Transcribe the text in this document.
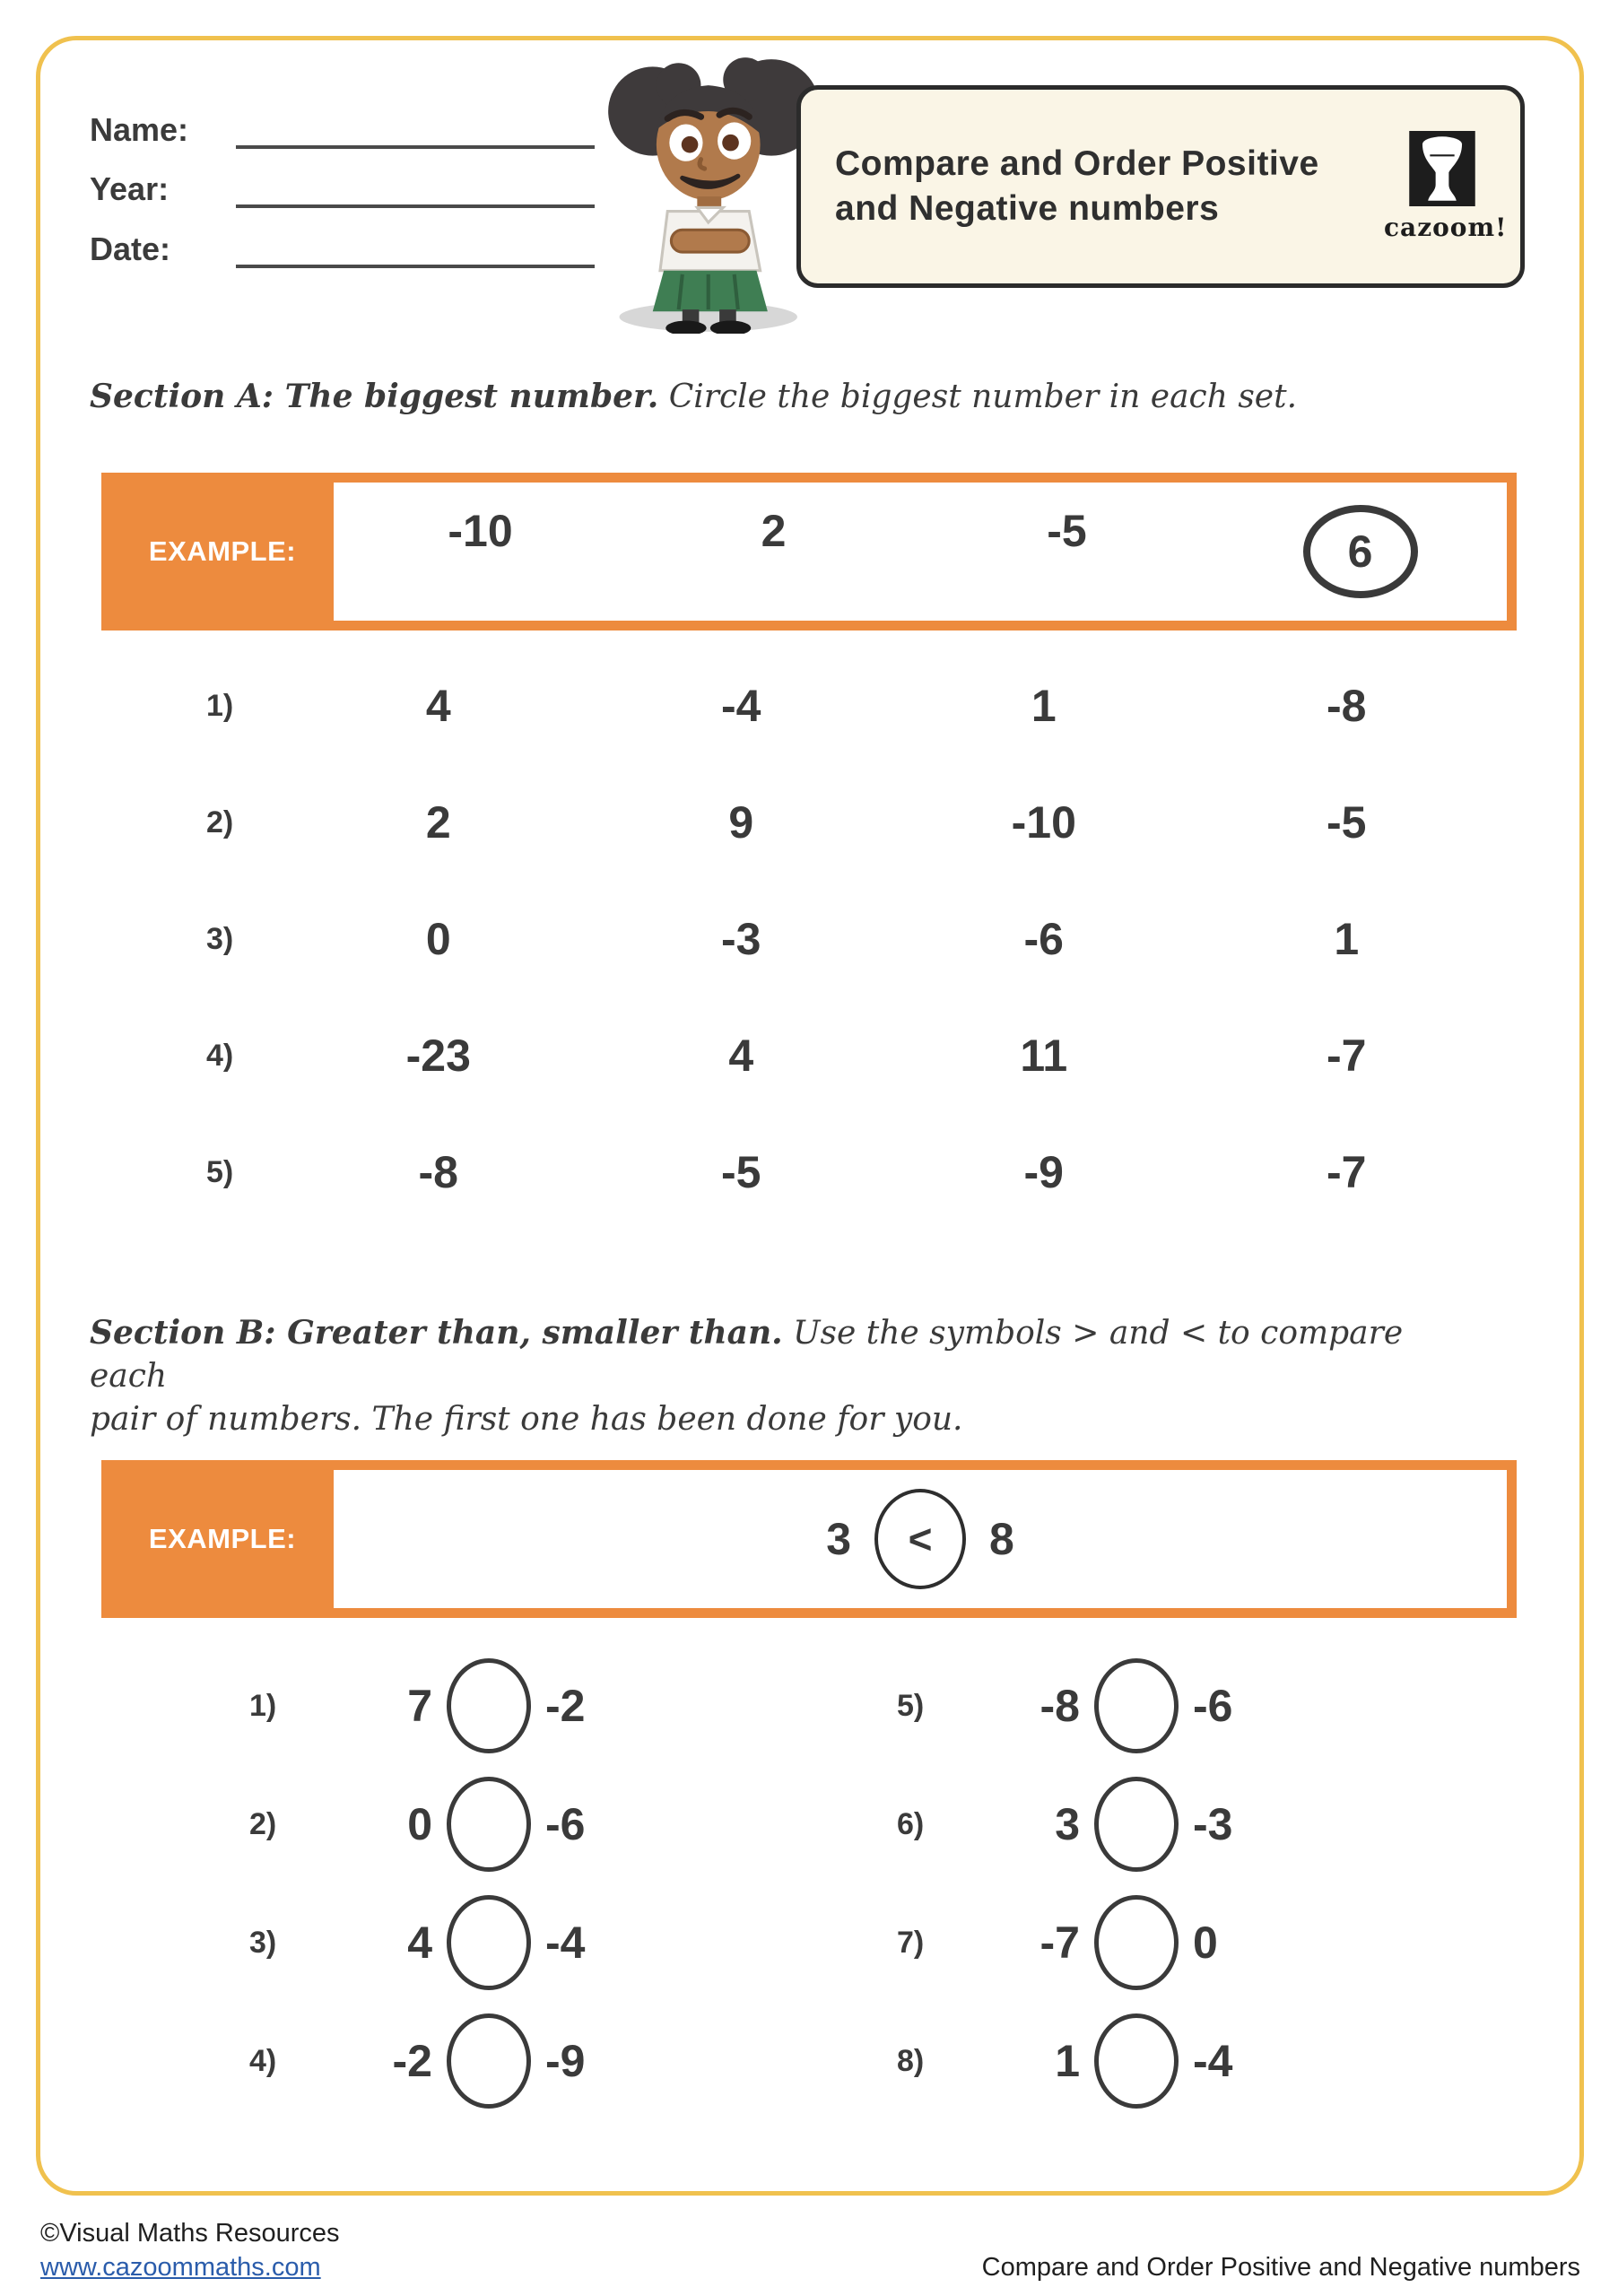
Name:
Year:
Date:
Compare and Order Positive
and Negative numbers	cazoom!
Section A: The biggest number. Circle the biggest number in each set.
EXAMPLE:	-10	2	-5	6
1)	4	-4	1	-8
2)	2	9	-10	-5
3)	0	-3	-6	1
4)	-23	4	11	-7
5)	-8	-5	-9	-7
Section B: Greater than, smaller than. Use the symbols > and < to compare each
pair of numbers. The first one has been done for you.
EXAMPLE:	3	<	8
1)	7	-2
2)	0	-6
3)	4	-4
4)	-2	-9
5)	-8	-6
6)	3	-3
7)	-7	0
8)	1	-4
©Visual Maths Resources
www.cazoommaths.com	Compare and Order Positive and Negative numbers
